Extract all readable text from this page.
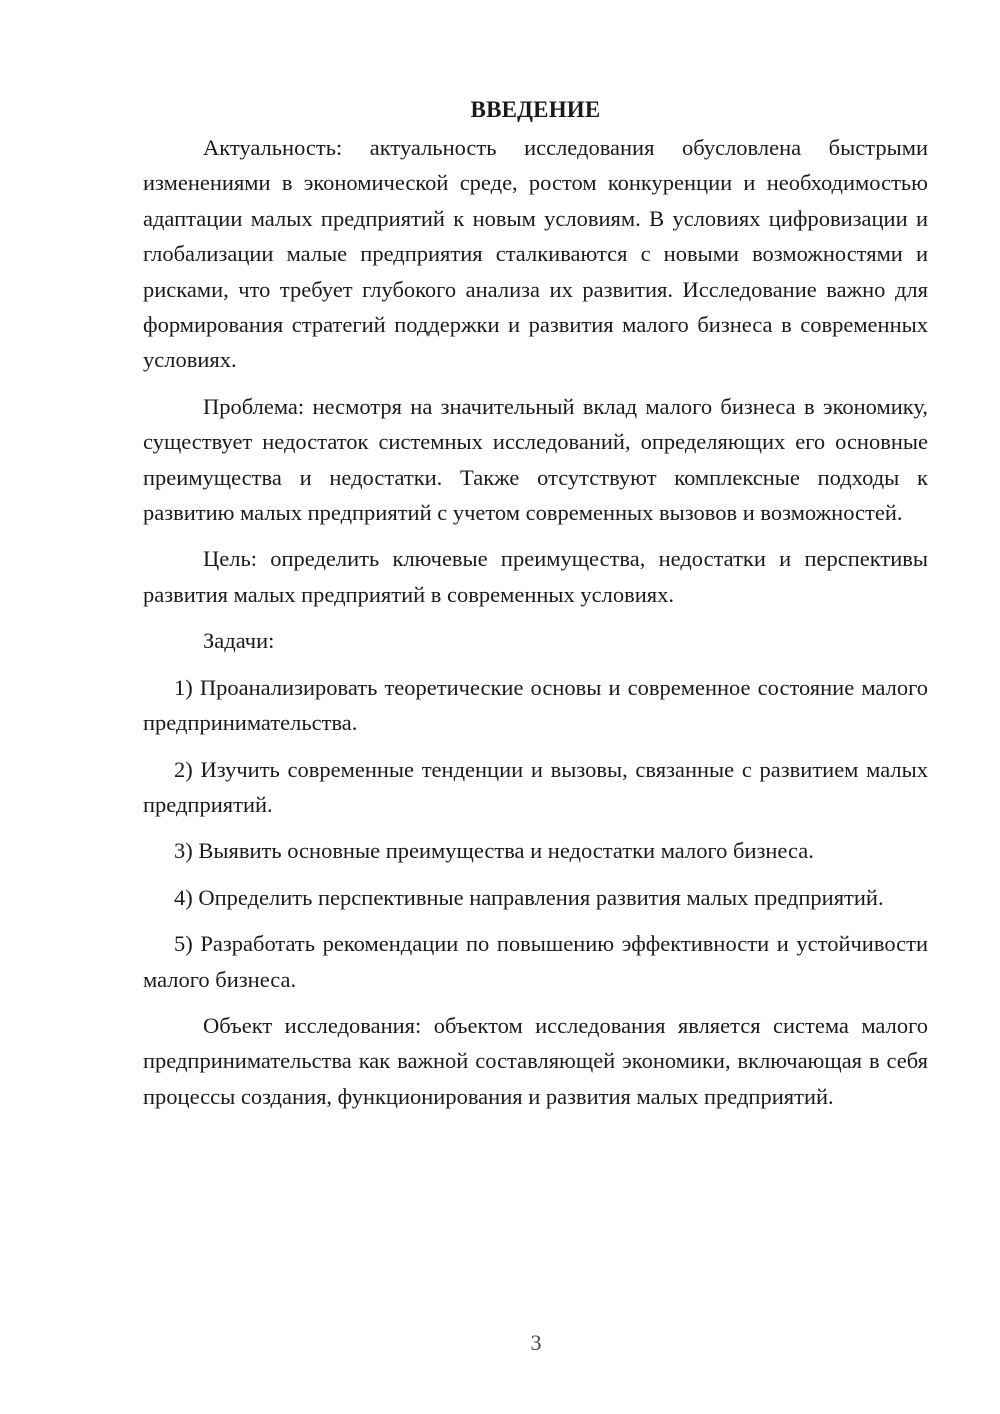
ВВЕДЕНИЕ

Актуальность: актуальность исследования обусловлена быстрыми изменениями в экономической среде, ростом конкуренции и необходимостью адаптации малых предприятий к новым условиям. В условиях цифровизации и глобализации малые предприятия сталкиваются с новыми возможностями и рисками, что требует глубокого анализа их развития. Исследование важно для формирования стратегий поддержки и развития малого бизнеса в современных условиях.

Проблема: несмотря на значительный вклад малого бизнеса в экономику, существует недостаток системных исследований, определяющих его основные преимущества и недостатки. Также отсутствуют комплексные подходы к развитию малых предприятий с учетом современных вызовов и возможностей.

Цель: определить ключевые преимущества, недостатки и перспективы развития малых предприятий в современных условиях.

Задачи:

1) Проанализировать теоретические основы и современное состояние малого предпринимательства.

2) Изучить современные тенденции и вызовы, связанные с развитием малых предприятий.

3) Выявить основные преимущества и недостатки малого бизнеса.

4) Определить перспективные направления развития малых предприятий.

5) Разработать рекомендации по повышению эффективности и устойчивости малого бизнеса.

Объект исследования: объектом исследования является система малого предпринимательства как важной составляющей экономики, включающая в себя процессы создания, функционирования и развития малых предприятий.

3
